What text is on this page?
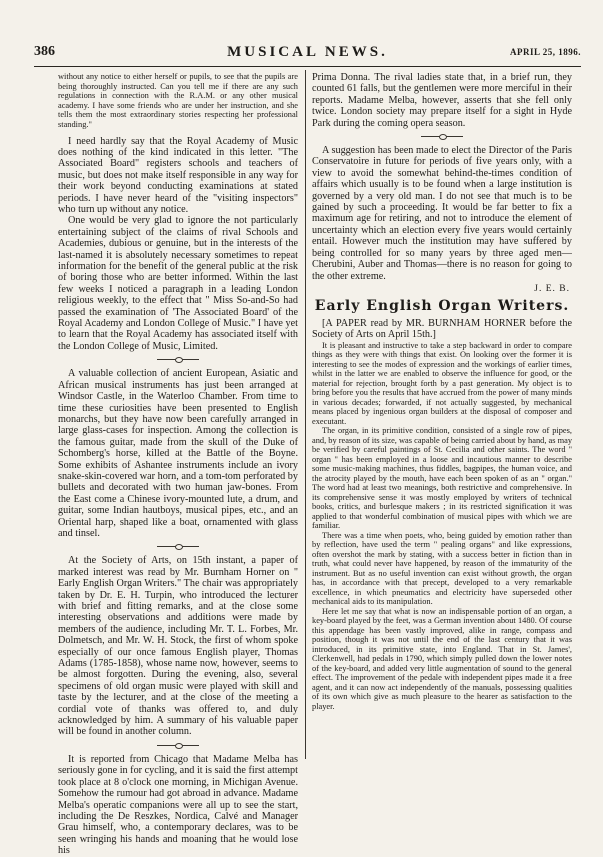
386	MUSICAL NEWS.	APRIL 25, 1896.

without any notice to either herself or pupils, to see that the pupils are being thoroughly instructed. Can you tell me if there are any such regulations in connection with the R.A.M. or any other musical academy. I have some friends who are under her instruction, and she tells them the most extraordinary stories respecting her professional standing."

I need hardly say that the Royal Academy of Music does nothing of the kind indicated in this letter. "The Associated Board" registers schools and teachers of music, but does not make itself responsible in any way for their work beyond conducting examinations at stated periods. I have never heard of the "visiting inspectors" who turn up without any notice.

One would be very glad to ignore the not particularly entertaining subject of the claims of rival Schools and Academies, dubious or genuine, but in the interests of the last-named it is absolutely necessary sometimes to repeat information for the benefit of the general public at the risk of boring those who are better informed. Within the last few weeks I noticed a paragraph in a leading London religious weekly, to the effect that " Miss So-and-So had passed the examination of 'The Associated Board' of the Royal Academy and London College of Music." I have yet to learn that the Royal Academy has associated itself with the London College of Music, Limited.

A valuable collection of ancient European, Asiatic and African musical instruments has just been arranged at Windsor Castle, in the Waterloo Chamber. From time to time these curiosities have been presented to English monarchs, but they have now been carefully arranged in large glass-cases for inspection. Among the collection is the famous guitar, made from the skull of the Duke of Schomberg's horse, killed at the Battle of the Boyne. Some exhibits of Ashantee instruments include an ivory snake-skin-covered war horn, and a tom-tom perforated by bullets and decorated with two human jaw-bones. From the East come a Chinese ivory-mounted lute, a drum, and guitar, some Indian hautboys, musical pipes, etc., and an Oriental harp, shaped like a boat, ornamented with glass and tinsel.

At the Society of Arts, on 15th instant, a paper of marked interest was read by Mr. Burnham Horner on " Early English Organ Writers." The chair was appropriately taken by Dr. E. H. Turpin, who introduced the lecturer with brief and fitting remarks, and at the close some interesting observations and additions were made by members of the audience, including Mr. T. L. Forbes, Mr. Dolmetsch, and Mr. W. H. Stock, the first of whom spoke especially of our once famous English player, Thomas Adams (1785-1858), whose name now, however, seems to be almost forgotten. During the evening, also, several specimens of old organ music were played with skill and taste by the lecturer, and at the close of the meeting a cordial vote of thanks was offered to, and duly acknowledged by him. A summary of his valuable paper will be found in another column.

It is reported from Chicago that Madame Melba has seriously gone in for cycling, and it is said the first attempt took place at 8 o'clock one morning, in Michigan Avenue. Somehow the rumour had got abroad in advance. Madame Melba's operatic companions were all up to see the start, including the De Reszkes, Nordica, Calvé and Manager Grau himself, who, a contemporary declares, was to be seen wringing his hands and moaning that he would lose his

Prima Donna. The rival ladies state that, in a brief run, they counted 61 falls, but the gentlemen were more merciful in their reports. Madame Melba, however, asserts that she fell only twice. London society may prepare itself for a sight in Hyde Park during the coming opera season.

A suggestion has been made to elect the Director of the Paris Conservatoire in future for periods of five years only, with a view to avoid the somewhat behind-the-times condition of affairs which usually is to be found when a large institution is governed by a very old man. I do not see that much is to be gained by such a proceeding. It would be far better to fix a maximum age for retiring, and not to introduce the element of uncertainty which an election every five years would certainly entail. However much the institution may have suffered by being controlled for so many years by three aged men—Cherubini, Auber and Thomas—there is no reason for going to the other extreme.

J. E. B.
Early English Organ Writers.

[A PAPER read by MR. BURNHAM HORNER before the Society of Arts on April 15th.]

It is pleasant and instructive to take a step backward in order to compare things as they were with things that exist. On looking over the former it is interesting to see the modes of expression and the workings of earlier times, whilst in the latter we are enabled to observe the influence for good, or the material for rejection, brought forth by a past generation. My object is to bring before you the results that have accrued from the power of many minds in various decades; forwarded, if not actually suggested, by mechanical means placed by ingenious organ builders at the disposal of composer and executant.

The organ, in its primitive condition, consisted of a single row of pipes, and, by reason of its size, was capable of being carried about by hand, as may be verified by careful paintings of St. Cecilia and other saints. The word " organ " has been employed in a loose and incautious manner to describe some music-making machines, thus fiddles, bagpipes, the human voice, and the atrocity played by the mouth, have each been spoken of as an " organ." The word had at least two meanings, both restrictive and comprehensive. In its comprehensive sense it was mostly employed by writers of technical books, critics, and burlesque makers ; in its restricted signification it was applied to that wonderful combination of musical pipes with which we are familiar.

There was a time when poets, who, being guided by emotion rather than by reflection, have used the term " pealing organs" and like expressions, often overshot the mark by stating, with a success better in fiction than in truth, what could never have happened, by reason of the immaturity of the instrument. But as no useful invention can exist without growth, the organ has, in accordance with that precept, developed to a very remarkable excellence, in which pneumatics and electricity have superseded other mechanical aids to its manipulation.

Here let me say that what is now an indispensable portion of an organ, a key-board played by the feet, was a German invention about 1480. Of course this appendage has been vastly improved, alike in range, compass and position, though it was not until the end of the last century that it was introduced, in its primitive state, into England. That in St. James', Clerkenwell, had pedals in 1790, which simply pulled down the lower notes of the key-board, and added very little augmentation of sound to the general effect. The improvement of the pedale with independent pipes made it a free agent, and it can now act independently of the manuals, possessing qualities of its own which give as much pleasure to the hearer as satisfaction to the player.
